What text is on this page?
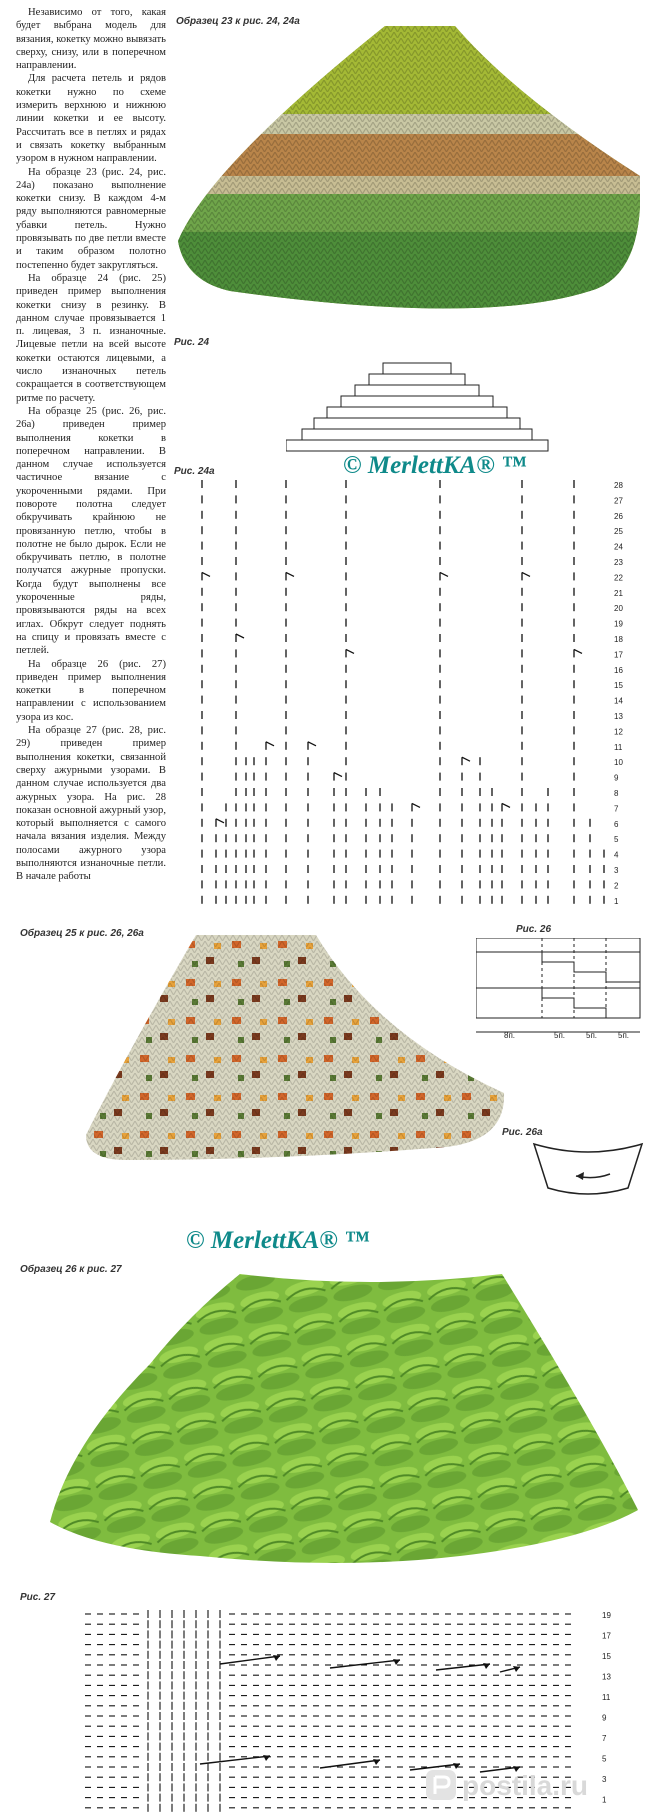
Независимо от того, какая будет выбрана модель для вязания, кокетку можно вывязать сверху, снизу, или в поперечном направлении.

Для расчета петель и рядов кокетки нужно по схеме измерить верхнюю и нижнюю линии кокетки и ее высоту. Рассчитать все в петлях и рядах и связать кокетку выбранным узором в нужном направлении.

На образце 23 (рис. 24, рис. 24а) показано выполнение кокетки снизу. В каждом 4-м ряду выполняются равномерные убавки петель. Нужно провязывать по две петли вместе и таким образом полотно постепенно будет закругляться.

На образце 24 (рис. 25) приведен пример выполнения кокетки снизу в резинку. В данном случае провязывается 1 п. лицевая, 3 п. изнаночные. Лицевые петли на всей высоте кокетки остаются лицевыми, а число изнаночных петель сокращается в соответствующем ритме по расчету.

На образце 25 (рис. 26, рис. 26а) приведен пример выполнения кокетки в поперечном направлении. В данном случае используется частичное вязание с укороченными рядами. При повороте полотна следует обкручивать крайнюю не провязанную петлю, чтобы в полотне не было дырок. Если не обкручивать петлю, в полотне получатся ажурные пропуски. Когда будут выполнены все укороченные ряды, провязываются ряды на всех иглах. Обкрут следует поднять на спицу и провязать вместе с петлей.

На образце 26 (рис. 27) приведен пример выполнения кокетки в поперечном направлении с использованием узора из кос.

На образце 27 (рис. 28, рис. 29) приведен пример выполнения кокетки, связанной сверху ажурными узорами. В данном случае используется два ажурных узора. На рис. 28 показан основной ажурный узор, который выполняется с самого начала вязания изделия. Между полосами ажурного узора выполняются изнаночные петли. В начале работы

Образец 23 к рис. 24, 24а
Рис. 24
Рис. 24а
Образец 25 к рис. 26, 26а	Рис. 26
Рис. 26а
Образец 26 к рис. 27
Рис. 27
© MerlettKA® ™
© MerlettKA® ™
28
27
26
25
24
23
22
21
20
19
18
17
16
15
14
13
12
11
10
9
8
7
6
5
4
3
2
1
8п.	5п.	5п.	5п.
19
17
15
13
11
9
7
5
3
1
postila.ru
